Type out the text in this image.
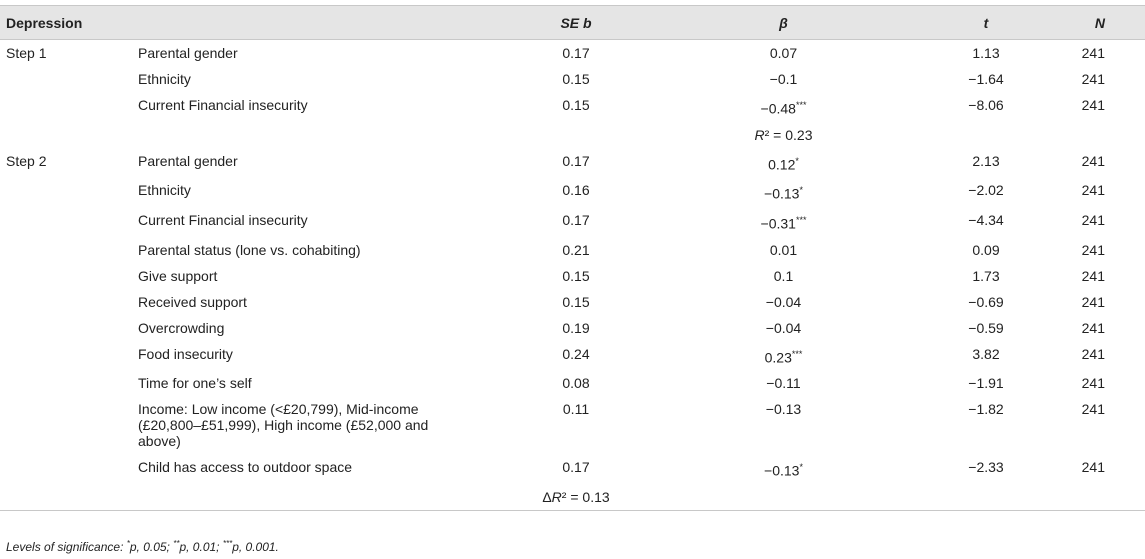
Depression		SE b	β	t	N
Step 1	Parental gender	0.17	0.07	1.13	241
	Ethnicity	0.15	−0.1	−1.64	241
	Current Financial insecurity	0.15	−0.48***	−8.06	241
			R² = 0.23		
Step 2	Parental gender	0.17	0.12*	2.13	241
	Ethnicity	0.16	−0.13*	−2.02	241
	Current Financial insecurity	0.17	−0.31***	−4.34	241
	Parental status (lone vs. cohabiting)	0.21	0.01	0.09	241
	Give support	0.15	0.1	1.73	241
	Received support	0.15	−0.04	−0.69	241
	Overcrowding	0.19	−0.04	−0.59	241
	Food insecurity	0.24	0.23***	3.82	241
	Time for one’s self	0.08	−0.11	−1.91	241
	Income: Low income (<£20,799), Mid-income (£20,800–£51,999), High income (£52,000 and above)	0.11	−0.13	−1.82	241
	Child has access to outdoor space	0.17	−0.13*	−2.33	241
		ΔR² = 0.13			
Levels of significance: *p, 0.05; **p, 0.01; ***p, 0.001.
